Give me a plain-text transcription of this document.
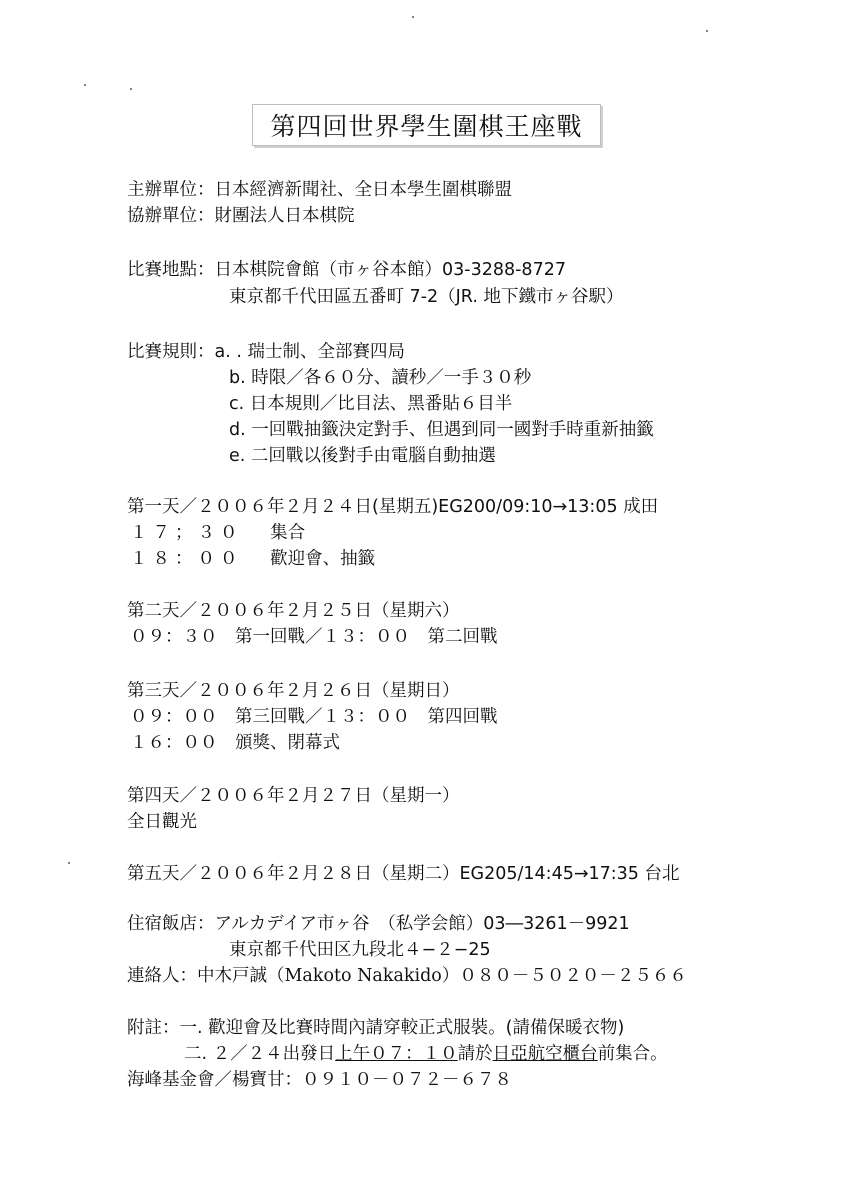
第四回世界學生圍棋王座戰
主辦單位：日本經濟新聞社、全日本學生圍棋聯盟
協辦單位：財團法人日本棋院
比賽地點：日本棋院會館（市ヶ谷本館）03-3288-8727
東京都千代田區五番町 7-2（JR. 地下鐵市ヶ谷駅）
比賽規則：a. . 瑞士制、全部賽四局
b. 時限／各６０分、讀秒／一手３０秒
c. 日本規則／比目法、黑番貼６目半
d. 一回戰抽籤決定對手、但遇到同一國對手時重新抽籤
e. 二回戰以後對手由電腦自動抽選
第一天／２００６年２月２４日(星期五)EG200/09:10→13:05 成田
１７；３０ 集合
１８：００ 歡迎會、抽籤
第二天／２００６年２月２５日（星期六）
０９：３０　第一回戰／１３：００　第二回戰
第三天／２００６年２月２６日（星期日）
０９：００　第三回戰／１３：００　第四回戰
１６：００　頒獎、閉幕式
第四天／２００６年２月２７日（星期一）
全日觀光
第五天／２００６年２月２８日（星期二）EG205/14:45→17:35 台北
住宿飯店：アルカデイア市ヶ谷　（私学会館）03―3261－9921
東京都千代田区九段北４−２−25
連絡人：中木戸誠（Makoto Nakakido）０８０－５０２０－２５６６
附註：一. 歡迎會及比賽時間內請穿較正式服裝。(請備保暖衣物)
二. ２／２４出發日上午０７：１０請於日亞航空櫃台前集合。
海峰基金會／楊寶甘：０９１０－０７２－６７８
